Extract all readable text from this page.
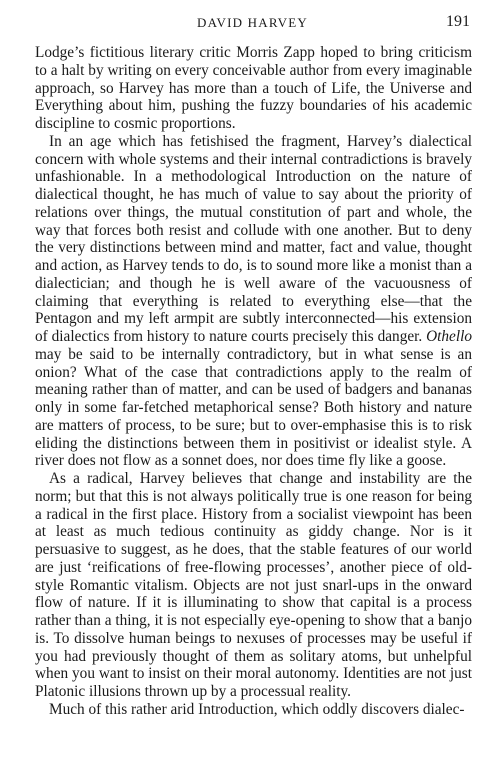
DAVID HARVEY	191

Lodge’s fictitious literary critic Morris Zapp hoped to bring criticism to a halt by writing on every conceivable author from every imaginable approach, so Harvey has more than a touch of Life, the Universe and Everything about him, pushing the fuzzy boundaries of his academic discipline to cosmic proportions.

In an age which has fetishised the fragment, Harvey’s dialectical concern with whole systems and their internal contradictions is bravely unfashionable. In a methodological Introduction on the nature of dialectical thought, he has much of value to say about the priority of relations over things, the mutual constitution of part and whole, the way that forces both resist and collude with one another. But to deny the very distinctions between mind and matter, fact and value, thought and action, as Harvey tends to do, is to sound more like a monist than a dialectician; and though he is well aware of the vacuousness of claiming that everything is related to everything else—that the Pentagon and my left armpit are subtly interconnected—his extension of dialectics from history to nature courts precisely this danger. Othello may be said to be internally contradictory, but in what sense is an onion? What of the case that contradictions apply to the realm of meaning rather than of matter, and can be used of badgers and bananas only in some far-fetched metaphorical sense? Both history and nature are matters of process, to be sure; but to over-emphasise this is to risk eliding the distinctions between them in positivist or idealist style. A river does not flow as a sonnet does, nor does time fly like a goose.

As a radical, Harvey believes that change and instability are the norm; but that this is not always politically true is one reason for being a radical in the first place. History from a socialist viewpoint has been at least as much tedious continuity as giddy change. Nor is it persuasive to suggest, as he does, that the stable features of our world are just ‘reifications of free-flowing processes’, another piece of old-style Romantic vitalism. Objects are not just snarl-ups in the onward flow of nature. If it is illuminating to show that capital is a process rather than a thing, it is not especially eye-opening to show that a banjo is. To dissolve human beings to nexuses of processes may be useful if you had previously thought of them as solitary atoms, but unhelpful when you want to insist on their moral autonomy. Identities are not just Platonic illusions thrown up by a processual reality.

Much of this rather arid Introduction, which oddly discovers dialec-
